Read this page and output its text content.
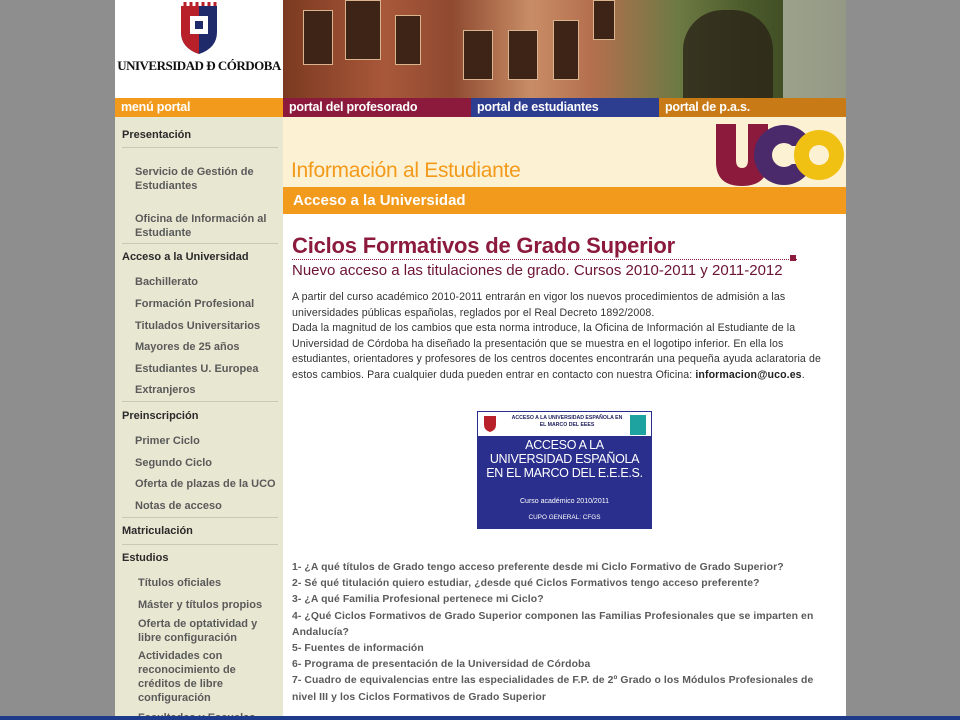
UNIVERSIDAD Ð CÓRDOBA
menú portal	portal del profesorado	portal de estudiantes	portal de p.a.s.
Presentación
Servicio de Gestión de Estudiantes
Oficina de Información al Estudiante
Acceso a la Universidad
Bachillerato
Formación Profesional
Titulados Universitarios
Mayores de 25 años
Estudiantes U. Europea
Extranjeros
Preinscripción
Primer Ciclo
Segundo Ciclo
Oferta de plazas de la UCO
Notas de acceso
Matriculación
Estudios
Títulos oficiales
Máster y títulos propios
Oferta de optatividad y libre configuración
Actividades con reconocimiento de créditos de libre configuración
Información al Estudiante
Acceso a la Universidad
Ciclos Formativos de Grado Superior
Nuevo acceso a las titulaciones de grado. Cursos 2010-2011 y 2011-2012
A partir del curso académico 2010-2011 entrarán en vigor los nuevos procedimientos de admisión a las universidades públicas españolas, reglados por el Real Decreto 1892/2008.
Dada la magnitud de los cambios que esta norma introduce, la Oficina de Información al Estudiante de la Universidad de Córdoba ha diseñado la presentación que se muestra en el logotipo inferior. En ella los estudiantes, orientadores y profesores de los centros docentes encontrarán una pequeña ayuda aclaratoria de estos cambios. Para cualquier duda pueden entrar en contacto con nuestra Oficina: informacion@uco.es.
ACCESO A LA UNIVERSIDAD ESPAÑOLA EN EL MARCO DEL EEES
ACCESO A LA
UNIVERSIDAD ESPAÑOLA
EN EL MARCO DEL E.E.E.S.
Curso académico 2010/2011
CUPO GENERAL: CFGS
1- ¿A qué títulos de Grado tengo acceso preferente desde mi Ciclo Formativo de Grado Superior?
2- Sé qué titulación quiero estudiar, ¿desde qué Ciclos Formativos tengo acceso preferente?
3- ¿A qué Familia Profesional pertenece mi Ciclo?
4- ¿Qué Ciclos Formativos de Grado Superior componen las Familias Profesionales que se imparten en Andalucía?
5- Fuentes de información
6- Programa de presentación de la Universidad de Córdoba
7- Cuadro de equivalencias entre las especialidades de F.P. de 2º Grado o los Módulos Profesionales de nivel III y los Ciclos Formativos de Grado Superior
